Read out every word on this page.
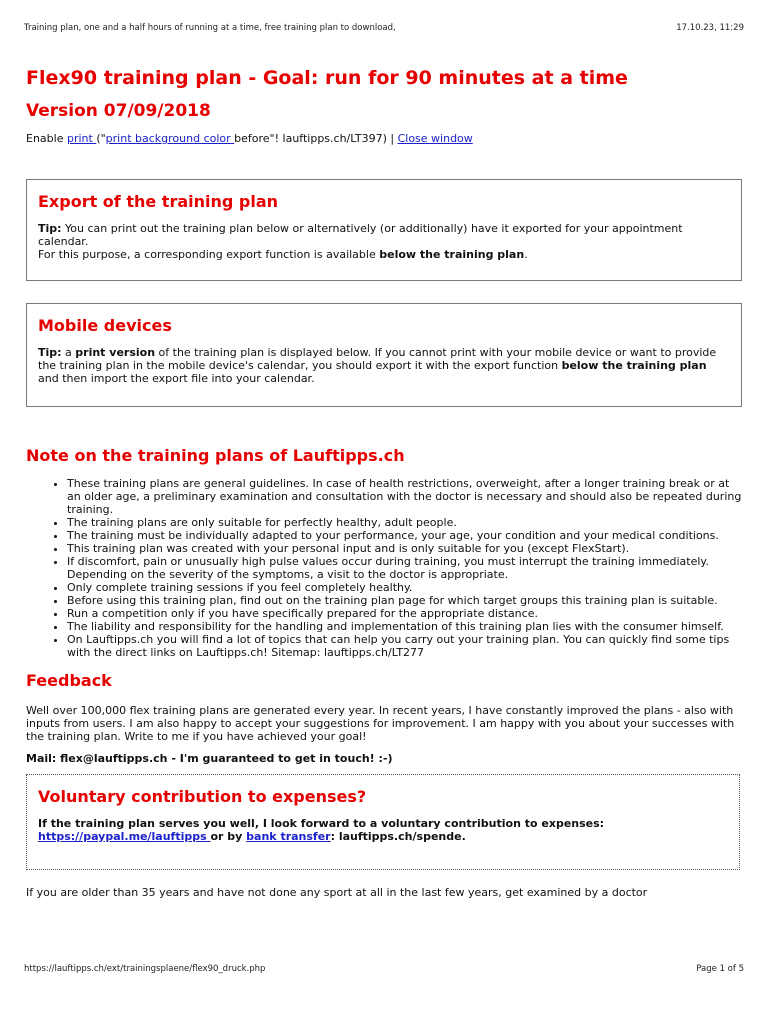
Training plan, one and a half hours of running at a time, free training plan to download,	17.10.23, 11:29
Flex90 training plan - Goal: run for 90 minutes at a time
Version 07/09/2018
Enable print ("print background color before"! lauftipps.ch/LT397) | Close window
Export of the training plan
Tip: You can print out the training plan below or alternatively (or additionally) have it exported for your appointment calendar.
For this purpose, a corresponding export function is available below the training plan.
Mobile devices
Tip: a print version of the training plan is displayed below. If you cannot print with your mobile device or want to provide the training plan in the mobile device's calendar, you should export it with the export function below the training plan and then import the export file into your calendar.
Note on the training plans of Lauftipps.ch
• These training plans are general guidelines. In case of health restrictions, overweight, after a longer training break or at an older age, a preliminary examination and consultation with the doctor is necessary and should also be repeated during training.
• The training plans are only suitable for perfectly healthy, adult people.
• The training must be individually adapted to your performance, your age, your condition and your medical conditions.
• This training plan was created with your personal input and is only suitable for you (except FlexStart).
• If discomfort, pain or unusually high pulse values occur during training, you must interrupt the training immediately. Depending on the severity of the symptoms, a visit to the doctor is appropriate.
• Only complete training sessions if you feel completely healthy.
• Before using this training plan, find out on the training plan page for which target groups this training plan is suitable.
• Run a competition only if you have specifically prepared for the appropriate distance.
• The liability and responsibility for the handling and implementation of this training plan lies with the consumer himself.
• On Lauftipps.ch you will find a lot of topics that can help you carry out your training plan. You can quickly find some tips with the direct links on Lauftipps.ch! Sitemap: lauftipps.ch/LT277
Feedback

Well over 100,000 flex training plans are generated every year. In recent years, I have constantly improved the plans - also with inputs from users. I am also happy to accept your suggestions for improvement. I am happy with you about your successes with the training plan. Write to me if you have achieved your goal!

Mail: flex@lauftipps.ch - I'm guaranteed to get in touch! :-)

Voluntary contribution to expenses?

If the training plan serves you well, I look forward to a voluntary contribution to expenses:
https://paypal.me/lauftipps or by bank transfer: lauftipps.ch/spende.

If you are older than 35 years and have not done any sport at all in the last few years, get examined by a doctor

https://lauftipps.ch/ext/trainingsplaene/flex90_druck.php	Page 1 of 5
